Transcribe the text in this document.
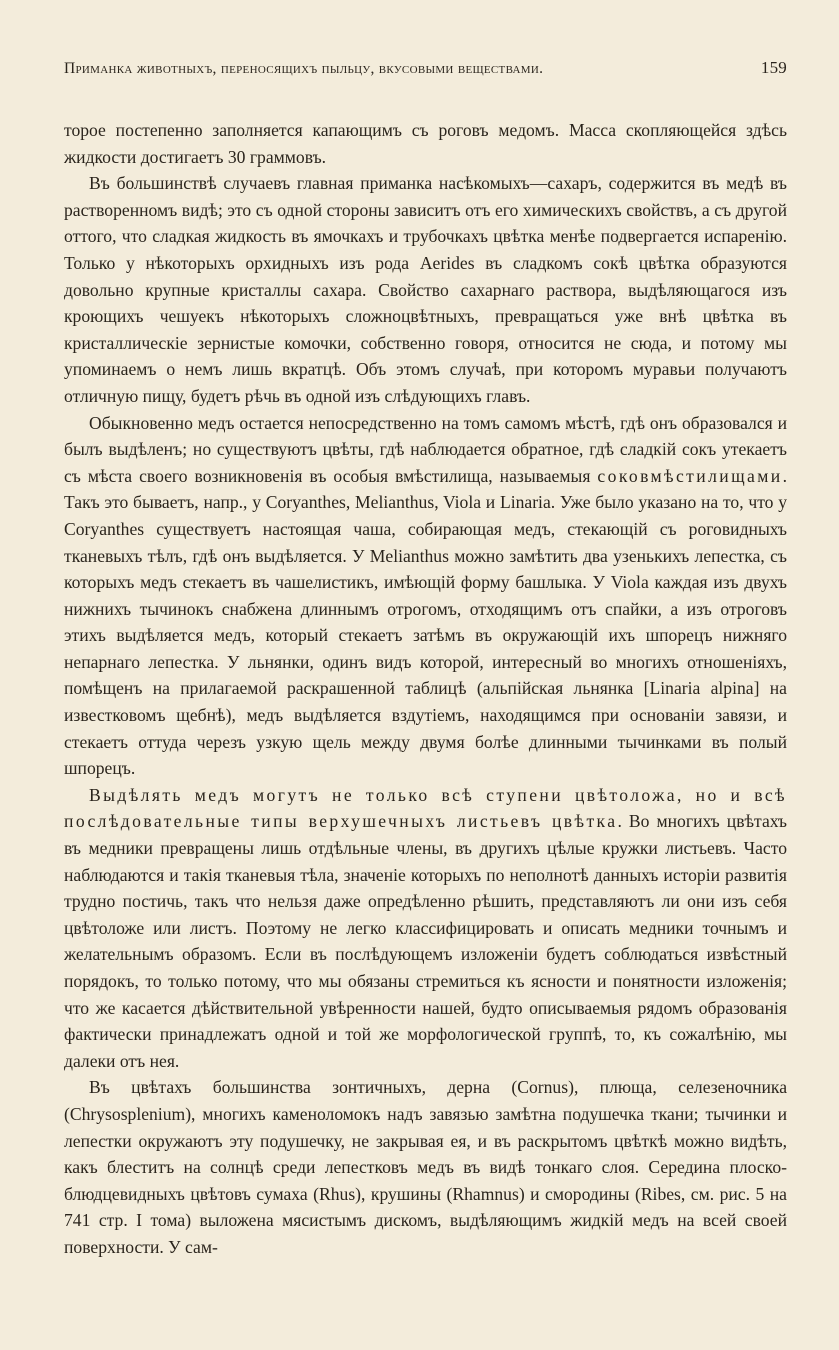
Приманка животныхъ, переносящихъ пыльцу, вкусовыми веществами.	159

торое постепенно заполняется капающимъ съ роговъ медомъ. Масса скопляющейся здѣсь жидкости достигаетъ 30 граммовъ.

Въ большинствѣ случаевъ главная приманка насѣкомыхъ—сахаръ, содержится въ медѣ въ растворенномъ видѣ; это съ одной стороны зависитъ отъ его химическихъ свойствъ, а съ другой оттого, что сладкая жидкость въ ямочкахъ и трубочкахъ цвѣтка менѣе подвергается испаренію. Только у нѣкоторыхъ орхидныхъ изъ рода Aerides въ сладкомъ сокѣ цвѣтка образуются довольно крупные кристаллы сахара. Свойство сахарнаго раствора, выдѣляющагося изъ кроющихъ чешуекъ нѣкоторыхъ сложноцвѣтныхъ, превращаться уже внѣ цвѣтка въ кристаллическіе зернистые комочки, собственно говоря, относится не сюда, и потому мы упоминаемъ о немъ лишь вкратцѣ. Объ этомъ случаѣ, при которомъ муравьи получаютъ отличную пищу, будетъ рѣчь въ одной изъ слѣдующихъ главъ.

Обыкновенно медъ остается непосредственно на томъ самомъ мѣстѣ, гдѣ онъ образовался и былъ выдѣленъ; но существуютъ цвѣты, гдѣ наблюдается обратное, гдѣ сладкій сокъ утекаетъ съ мѣста своего возникновенія въ особыя вмѣстилища, называемыя соковмѣстилищами. Такъ это бываетъ, напр., у Coryanthes, Melianthus, Viola и Linaria. Уже было указано на то, что у Coryanthes существуетъ настоящая чаша, собирающая медъ, стекающій съ роговидныхъ тканевыхъ тѣлъ, гдѣ онъ выдѣляется. У Melianthus можно замѣтить два узенькихъ лепестка, съ которыхъ медъ стекаетъ въ чашелистикъ, имѣющій форму башлыка. У Viola каждая изъ двухъ нижнихъ тычинокъ снабжена длиннымъ отрогомъ, отходящимъ отъ спайки, а изъ отроговъ этихъ выдѣляется медъ, который стекаетъ затѣмъ въ окружающій ихъ шпорецъ нижняго непарнаго лепестка. У льнянки, одинъ видъ которой, интересный во многихъ отношеніяхъ, помѣщенъ на прилагаемой раскрашенной таблицѣ (альпійская льнянка [Linaria alpina] на известковомъ щебнѣ), медъ выдѣляется вздутіемъ, находящимся при основаніи завязи, и стекаетъ оттуда черезъ узкую щель между двумя болѣе длинными тычинками въ полый шпорецъ.

Выдѣлять медъ могутъ не только всѣ ступени цвѣтоложа, но и всѣ послѣдовательные типы верхушечныхъ листьевъ цвѣтка. Во многихъ цвѣтахъ въ медники превращены лишь отдѣльные члены, въ другихъ цѣлые кружки листьевъ. Часто наблюдаются и такія тканевыя тѣла, значеніе которыхъ по неполнотѣ данныхъ исторіи развитія трудно постичь, такъ что нельзя даже опредѣленно рѣшить, представляютъ ли они изъ себя цвѣтоложе или листъ. Поэтому не легко классифицировать и описать медники точнымъ и желательнымъ образомъ. Если въ послѣдующемъ изложеніи будетъ соблюдаться извѣстный порядокъ, то только потому, что мы обязаны стремиться къ ясности и понятности изложенія; что же касается дѣйствительной увѣренности нашей, будто описываемыя рядомъ образованія фактически принадлежатъ одной и той же морфологической группѣ, то, къ сожалѣнію, мы далеки отъ нея.

Въ цвѣтахъ большинства зонтичныхъ, дерна (Cornus), плюща, селезеночника (Chrysosplenium), многихъ каменоломокъ надъ завязью замѣтна подушечка ткани; тычинки и лепестки окружаютъ эту подушечку, не закрывая ея, и въ раскрытомъ цвѣткѣ можно видѣть, какъ блеститъ на солнцѣ среди лепестковъ медъ въ видѣ тонкаго слоя. Середина плоско-блюдцевидныхъ цвѣтовъ сумаха (Rhus), крушины (Rhamnus) и смородины (Ribes, см. рис. 5 на 741 стр. I тома) выложена мясистымъ дискомъ, выдѣляющимъ жидкій медъ на всей своей поверхности. У сам-
